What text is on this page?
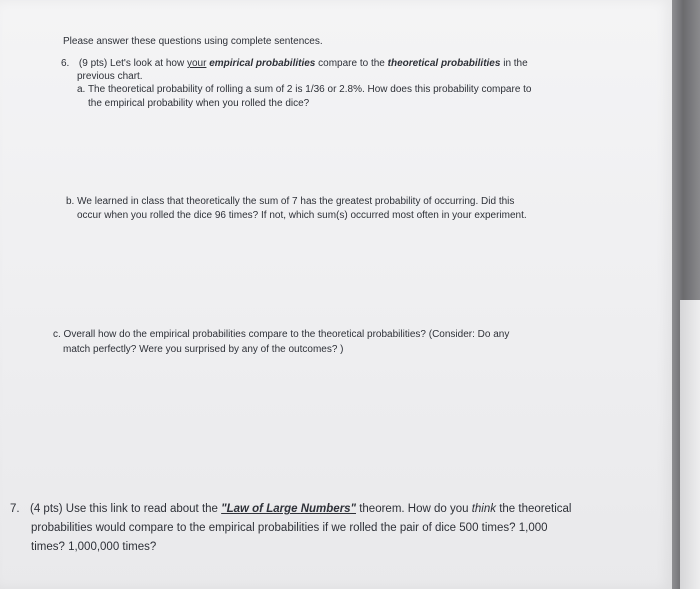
Please answer these questions using complete sentences.
6. (9 pts) Let's look at how your empirical probabilities compare to the theoretical probabilities in the
previous chart.
a. The theoretical probability of rolling a sum of 2 is 1/36 or 2.8%. How does this probability compare to
the empirical probability when you rolled the dice?
b. We learned in class that theoretically the sum of 7 has the greatest probability of occurring. Did this
occur when you rolled the dice 96 times? If not, which sum(s) occurred most often in your experiment.
c. Overall how do the empirical probabilities compare to the theoretical probabilities? (Consider: Do any
match perfectly? Were you surprised by any of the outcomes? )
7. (4 pts) Use this link to read about the "Law of Large Numbers" theorem. How do you think the theoretical
probabilities would compare to the empirical probabilities if we rolled the pair of dice 500 times? 1,000
times? 1,000,000 times?
